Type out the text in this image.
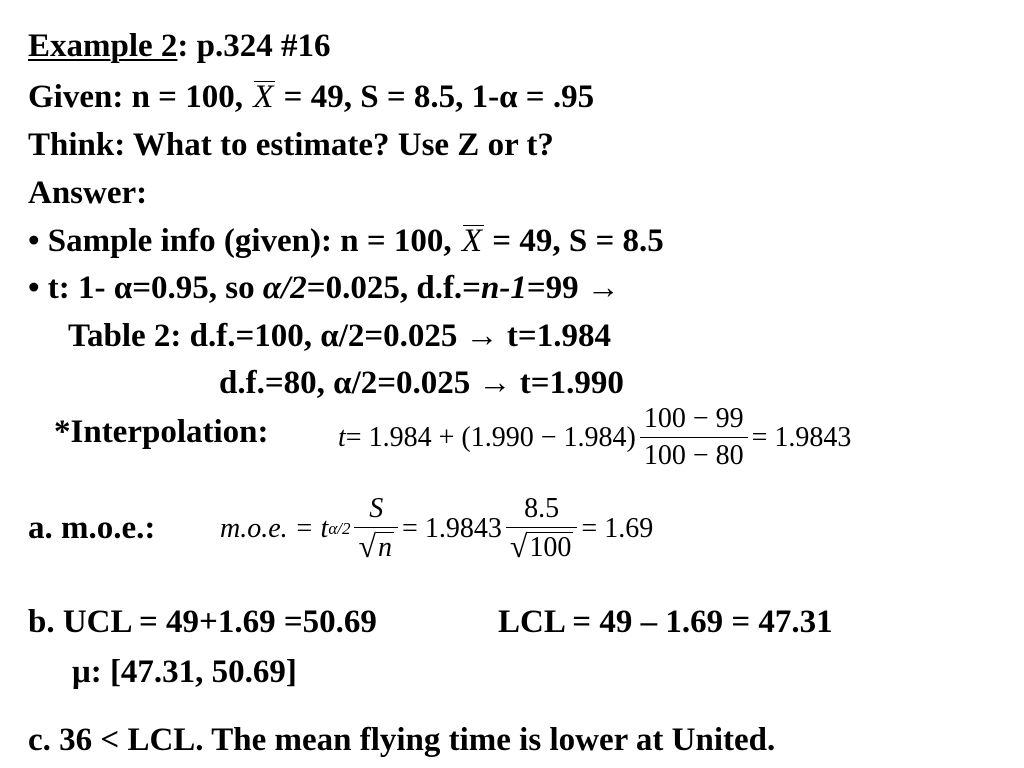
Example 2: p.324 #16
Given: n = 100, X = 49, S = 8.5, 1-α = .95
Think: What to estimate? Use Z or t?
Answer:
• Sample info (given): n = 100, X = 49, S = 8.5
• t: 1- α=0.95, so α/2=0.025, d.f.=n-1=99 →
Table 2: d.f.=100, α/2=0.025 → t=1.984
d.f.=80, α/2=0.025 → t=1.990
*Interpolation: $t = 1.984 + (1.990 - 1.984) \frac{100 - 99}{100 - 80} = 1.9843$
a. m.o.e.: m.o.e. = t $\alpha/2 \frac{S}{√ n} = 1.9843 \frac{8.5}{√ 100} = 1.69$
b. UCL = 49+1.69 =50.69	LCL = 49 – 1.69 = 47.31
μ: [47.31, 50.69]
c. 36 < LCL. The mean flying time is lower at United.
